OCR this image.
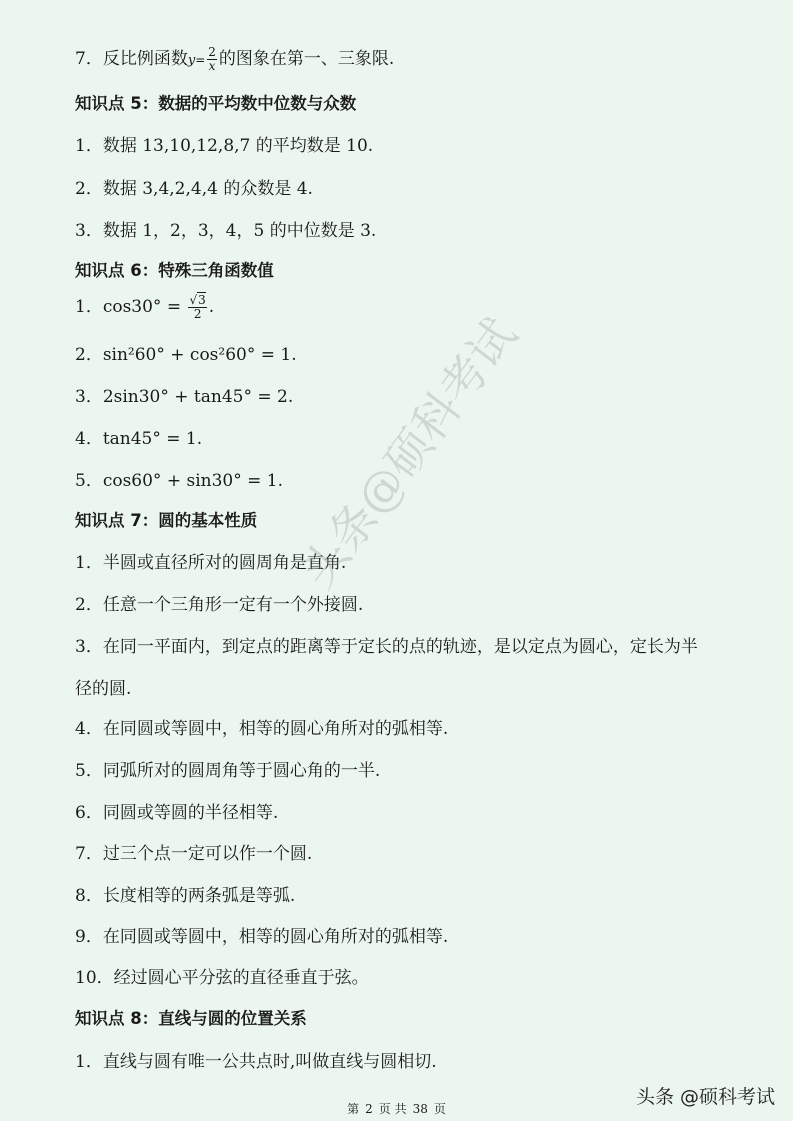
7．反比例函数$y= \frac{2}{x}$ 的图象在第一、三象限.
知识点 5：数据的平均数中位数与众数
1．数据 13,10,12,8,7 的平均数是 10.
2．数据 3,4,2,4,4 的众数是 4.
3．数据 1，2，3，4，5 的中位数是 3.
知识点 6：特殊三角函数值
1．$\cos 30^\circ = \frac{√3}{2}$ .
2．sin²60° + cos²60° = 1.
3．2sin30° + tan45° = 2.
4．tan45° = 1.
5．cos60° + sin30° = 1.
知识点 7：圆的基本性质
1．半圆或直径所对的圆周角是直角.
2．任意一个三角形一定有一个外接圆.
3．在同一平面内，到定点的距离等于定长的点的轨迹，是以定点为圆心，定长为半
径的圆.
4．在同圆或等圆中，相等的圆心角所对的弧相等.
5．同弧所对的圆周角等于圆心角的一半.
6．同圆或等圆的半径相等.
7．过三个点一定可以作一个圆.
8．长度相等的两条弧是等弧.
9．在同圆或等圆中，相等的圆心角所对的弧相等.
10．经过圆心平分弦的直径垂直于弦。
知识点 8：直线与圆的位置关系
1．直线与圆有唯一公共点时,叫做直线与圆相切.
头条@硕科考试
第 2 页 共 38 页
头条 @硕科考试
